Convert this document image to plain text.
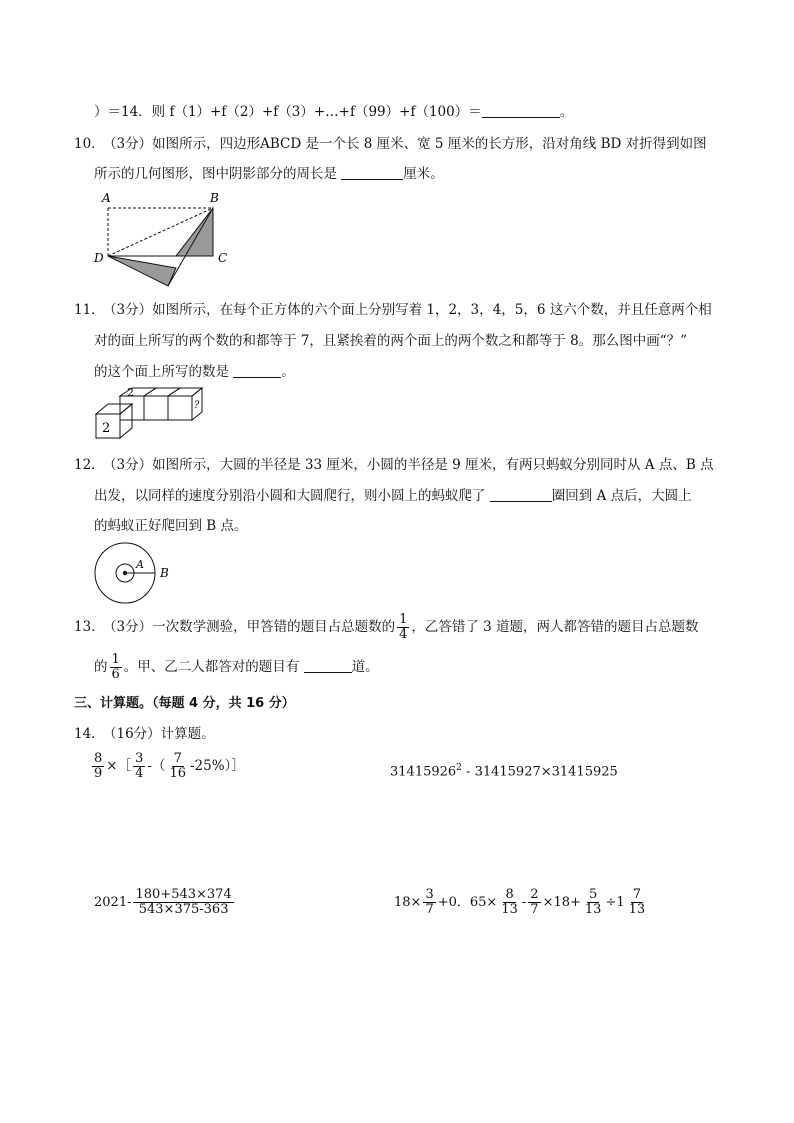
）＝14．则 f（1）+f（2）+f（3）+…+f（99）+f（100）＝	。
10．
（3分）如图所示，四边形ABCD 是一个长 8 厘米、宽 5 厘米的长方形，沿对角线 BD 对折得到如图
所示的几何图形，图中阴影部分的周长是	厘米。
A	B
D	C
11．
（3分）如图所示，在每个正方体的六个面上分别写着 1，2，3，4，5，6 这六个数，并且任意两个相
对的面上所写的两个数的和都等于 7，且紧挨着的两个面上的两个数之和都等于 8。那么图中画“？”
的这个面上所写的数是	。
2
2
?
12．
（3分）如图所示，大圆的半径是 33 厘米，小圆的半径是 9 厘米，有两只蚂蚁分别同时从 A 点、B 点
出发，以同样的速度分别沿小圆和大圆爬行，则小圆上的蚂蚁爬了	圈回到 A 点后，大圆上
的蚂蚁正好爬回到 B 点。
A
B
13．
（3分）一次数学测验，甲答错的题目占总题数的 $\frac{1}{4}$ ，乙答错了 3 道题，两人都答错的题目占总题数
的 $\frac{1}{6}$ 。甲、乙二人都答对的题目有	道。
三、计算题。（每题 4 分，共 16 分）
14．
（16分）计算题。
$\frac{8}{9}$ ×［ $\frac{3}{4}$ -（ $\frac{7}{16}$ -25%）］	31415926$^2$ - 31415927×31415925
$2021- \frac{180+543\times 374}{543\times 375-363}$	$18\times \frac{3}{7} +0$．$65\times \frac{8}{13} - \frac{2}{7} \times 18+ \frac{5}{13} \div 1 \frac{7}{13}$
